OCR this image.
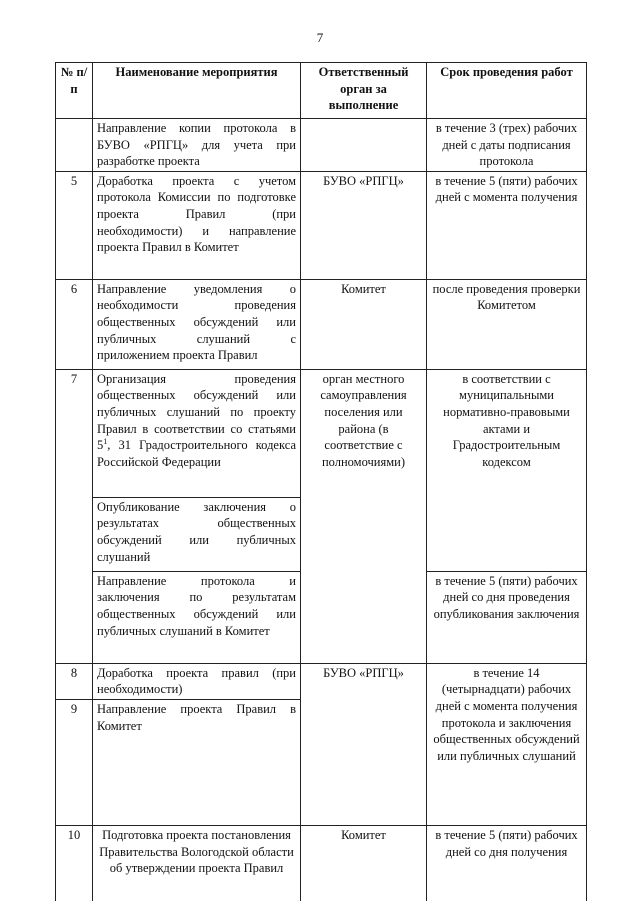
7
№ п/п	Наименование мероприятия	Ответственный орган за выполнение	Срок проведения работ
	Направление копии протокола в БУВО «РПГЦ» для учета при разработке проекта		в течение 3 (трех) рабочих дней с даты подписания протокола
5	Доработка проекта с учетом протокола Комиссии по подготовке проекта Правил (при необходимости) и направление проекта Правил в Комитет	БУВО «РПГЦ»	в течение 5 (пяти) рабочих дней с момента получения
6	Направление уведомления о необходимости проведения общественных обсуждений или публичных слушаний с приложением проекта Правил	Комитет	после проведения проверки Комитетом
7	Организация проведения общественных обсуждений или публичных слушаний по проекту Правил в соответствии со статьями $5^1$, 31 Градостроительного кодекса Российской Федерации	орган местного самоуправления поселения или района (в соответствие с полномочиями)	в соответствии с муниципальными нормативно-правовыми актами и Градостроительным кодексом
	Опубликование заключения о результатах общественных обсуждений или публичных слушаний		
	Направление протокола и заключения по результатам общественных обсуждений или публичных слушаний в Комитет		в течение 5 (пяти) рабочих дней со дня проведения опубликования заключения
8	Доработка проекта правил (при необходимости)	БУВО «РПГЦ»	в течение 14 (четырнадцати) рабочих дней с момента получения протокола и заключения общественных обсуждений или публичных слушаний
9	Направление проекта Правил в Комитет		
10	Подготовка проекта постановления Правительства Вологодской области об утверждении проекта Правил	Комитет	в течение 5 (пяти) рабочих дней со дня получения
